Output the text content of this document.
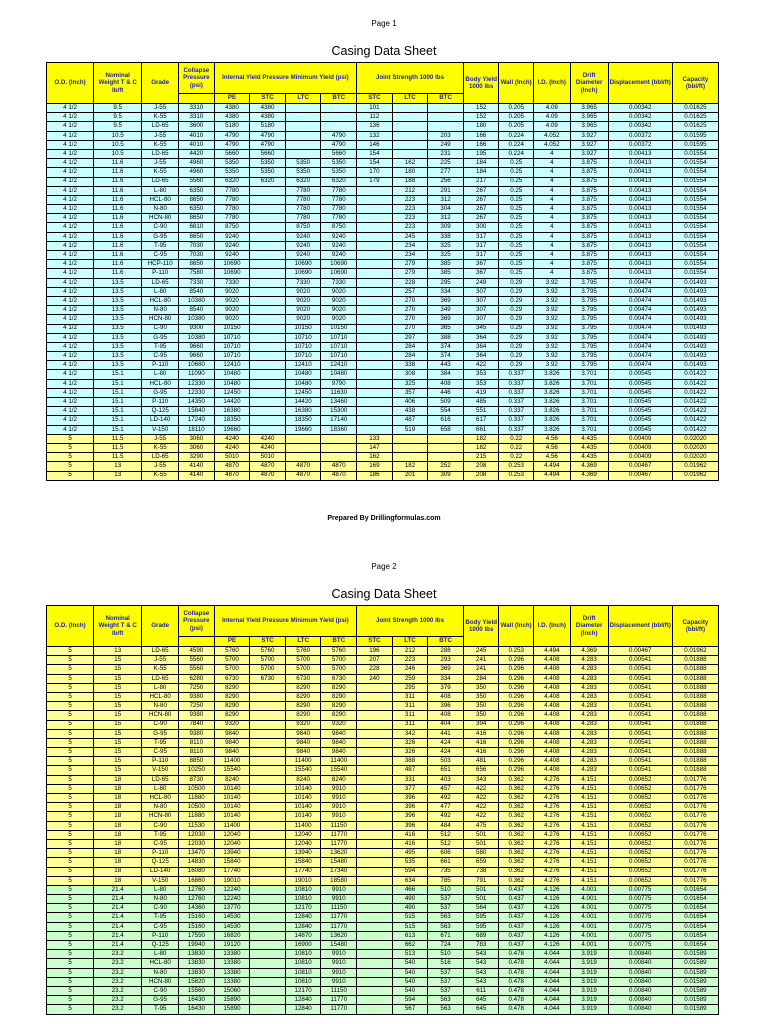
Page 1
Casing Data Sheet
O.D. (Inch)	Nominal Weight T & C lb/ft	Grade	Collapse Pressure (psi)	Internal Yield Pressure Minimum Yield (psi)				Joint Strength 1000 lbs			Body Yield 1000 lbs	Wall (Inch)	I.D. (Inch)	Drift Diameter (Inch)	Displacement (bbl/ft)	Capacity (bbl/ft)
				PE	STC	LTC	BTC	STC	LTC	BTC						
4 1/2	9.5	J-55	3310	4380	4380			101			152	0.205	4.09	3.965	0.00342	0.01625
4 1/2	9.5	K-55	3310	4380	4380			112			152	0.205	4.09	3.965	0.00342	0.01625
4 1/2	9.5	LD-65	3600	5180	5180			136			180	0.205	4.09	3.965	0.00342	0.01625
4 1/2	10.5	J-55	4010	4790	4790		4790	132		203	166	0.224	4.052	3.927	0.00372	0.01595
4 1/2	10.5	K-55	4010	4790	4790		4790	146		249	166	0.224	4.052	3.927	0.00372	0.01595
4 1/2	10.5	LD-65	4420	5660	5660		5660	154		231	195	0.224	4	3.927	0.00413	0.01554
4 1/2	11.6	J-55	4960	5350	5350	5350	5350	154	162	225	184	0.25	4	3.875	0.00413	0.01554
4 1/2	11.6	K-55	4960	5350	5350	5350	5350	170	180	277	184	0.25	4	3.875	0.00413	0.01554
4 1/2	11.6	LD-65	5560	6320	6320	6320	6320	179	188	256	217	0.25	4	3.875	0.00413	0.01554
4 1/2	11.6	L-80	6350	7780		7780	7780		212	291	267	0.25	4	3.875	0.00413	0.01554
4 1/2	11.6	HCL-80	8650	7780		7780	7780		223	312	267	0.25	4	3.875	0.00413	0.01554
4 1/2	11.6	N-80	6350	7780		7780	7780		223	304	267	0.25	4	3.875	0.00413	0.01554
4 1/2	11.6	HCN-80	8650	7780		7780	7780		223	312	267	0.25	4	3.875	0.00413	0.01554
4 1/2	11.6	C-90	6810	8750		8750	8750		223	309	300	0.25	4	3.875	0.00413	0.01554
4 1/2	11.6	G-95	8650	9240		9240	9240		245	338	317	0.25	4	3.875	0.00413	0.01554
4 1/2	11.6	T-95	7030	9240		9240	9240		234	325	317	0.25	4	3.875	0.00413	0.01554
4 1/2	11.6	C-95	7030	9240		9240	9240		234	325	317	0.25	4	3.875	0.00413	0.01554
4 1/2	11.6	HCP-110	8650	10690		10690	10690		279	385	367	0.25	4	3.875	0.00413	0.01554
4 1/2	11.6	P-110	7580	10690		10690	10690		279	385	367	0.25	4	3.875	0.00413	0.01554
4 1/2	13.5	LD-65	7330	7330		7330	7330		228	295	249	0.29	3.92	3.795	0.00474	0.01493
4 1/2	13.5	L-80	8540	9020		9020	9020		257	334	307	0.29	3.92	3.795	0.00474	0.01493
4 1/2	13.5	HCL-80	10380	9020		9020	9020		270	369	307	0.29	3.92	3.795	0.00474	0.01493
4 1/2	13.5	N-80	8540	9020		9020	9020		270	349	307	0.29	3.92	3.795	0.00474	0.01493
4 1/2	13.5	HCN-80	10380	9020		9020	9020		270	369	307	0.29	3.92	3.795	0.00474	0.01493
4 1/2	13.5	C-90	9300	10150		10150	10150		270	365	345	0.29	3.92	3.795	0.00474	0.01493
4 1/2	13.5	G-95	10380	10710		10710	10710		297	388	364	0.29	3.92	3.795	0.00474	0.01493
4 1/2	13.5	T-95	9660	10710		10710	10710		284	374	364	0.29	3.92	3.795	0.00474	0.01493
4 1/2	13.5	C-95	9660	10710		10710	10710		284	374	364	0.29	3.92	3.795	0.00474	0.01493
4 1/2	13.5	P-110	10680	12410		12410	12410		338	443	422	0.29	3.92	3.795	0.00474	0.01493
4 1/2	15.1	L-80	11090	10480		10480	10480		308	384	353	0.337	3.826	3.701	0.00545	0.01422
4 1/2	15.1	HCL-80	12330	10480		10480	9790		325	408	353	0.337	3.826	3.701	0.00545	0.01422
4 1/2	15.1	G-95	12330	12450		12450	11630		357	446	419	0.337	3.826	3.701	0.00545	0.01422
4 1/2	15.1	P-110	14350	14420		14420	13460		406	509	485	0.337	3.826	3.701	0.00545	0.01422
4 1/2	15.1	Q-125	15840	16380		16380	15300		438	554	551	0.337	3.826	3.701	0.00545	0.01422
4 1/2	15.1	LD-140	17240	18350		18350	17140		487	616	617	0.337	3.826	3.701	0.00545	0.01422
4 1/2	15.1	V-150	18110	19660		19660	18360		519	658	661	0.337	3.826	3.701	0.00545	0.01422
5	11.5	J-55	3060	4240	4240			133			182	0.22	4.56	4.435	0.00409	0.02020
5	11.5	K-55	3060	4240	4240			147			182	0.22	4.56	4.435	0.00409	0.02020
5	11.5	LD-65	3290	5010	5010			162			215	0.22	4.56	4.435	0.00409	0.02020
5	13	J-55	4140	4870	4870	4870	4870	169	182	252	208	0.253	4.494	4.369	0.00467	0.01962
5	13	K-55	4140	4870	4870	4870	4870	186	201	309	208	0.253	4.494	4.369	0.00467	0.01962
Prepared By Drillingformulas.com
Page 2
Casing Data Sheet
O.D. (Inch)	Nominal Weight T & C lb/ft	Grade	Collapse Pressure (psi)	Internal Yield Pressure Minimum Yield (psi)				Joint Strength 1000 lbs			Body Yield 1000 lbs	Wall (Inch)	I.D. (Inch)	Drift Diameter (Inch)	Displacement (bbl/ft)	Capacity (bbl/ft)
				PE	STC	LTC	BTC	STC	LTC	BTC						
5	13	LD-65	4590	5760	5760	5760	5760	196	212	288	245	0.253	4.494	4.369	0.00467	0.01962
5	15	J-55	5560	5700	5700	5700	5700	207	223	293	241	0.296	4.408	4.283	0.00541	0.01888
5	15	K-55	5560	5700	5700	5700	5700	228	246	369	241	0.296	4.408	4.283	0.00541	0.01888
5	15	LD-65	6280	6730	6730	6730	6730	240	259	334	284	0.296	4.408	4.283	0.00541	0.01888
5	15	L-80	7250	8290		8290	8290		295	379	350	0.296	4.408	4.283	0.00541	0.01888
5	15	HCL-80	9380	8290		8290	8290		311	408	350	0.296	4.408	4.283	0.00541	0.01888
5	15	N-80	7250	8290		8290	8290		311	396	350	0.296	4.408	4.283	0.00541	0.01888
5	15	HCN-80	9380	8290		8290	8290		311	408	350	0.296	4.408	4.283	0.00541	0.01888
5	15	C-90	7840	9320		9320	9320		311	404	394	0.296	4.408	4.283	0.00541	0.01888
5	15	G-95	9380	9840		9840	9840		342	441	416	0.296	4.408	4.283	0.00541	0.01888
5	15	T-95	8110	9840		9840	9840		326	424	416	0.296	4.408	4.283	0.00541	0.01888
5	15	C-95	8110	9840		9840	9840		326	424	416	0.296	4.408	4.283	0.00541	0.01888
5	15	P-110	8850	11400		11400	11400		388	503	481	0.296	4.408	4.283	0.00541	0.01888
5	15	V-150	10250	15540		15540	15540		487	651	656	0.296	4.408	4.283	0.00541	0.01888
5	18	LD-65	8730	8240		8240	8240		331	403	343	0.362	4.276	4.151	0.00652	0.01776
5	18	L-80	10500	10140		10140	9910		377	457	422	0.362	4.276	4.151	0.00652	0.01776
5	18	HCL-80	11880	10140		10140	9910		396	492	422	0.362	4.276	4.151	0.00652	0.01776
5	18	N-80	10500	10140		10140	9910		396	477	422	0.362	4.276	4.151	0.00652	0.01776
5	18	HCN-80	11880	10140		10140	9910		396	492	422	0.362	4.276	4.151	0.00652	0.01776
5	18	C-90	11530	11400		11400	11150		396	484	475	0.362	4.276	4.151	0.00652	0.01776
5	18	T-95	12030	12040		12040	11770		416	512	501	0.362	4.276	4.151	0.00652	0.01776
5	18	C-95	12030	12040		12040	11770		416	512	501	0.362	4.276	4.151	0.00652	0.01776
5	18	P-110	13470	13940		13940	13620		495	606	580	0.362	4.276	4.151	0.00652	0.01776
5	18	Q-125	14830	15840		15840	15480		535	661	659	0.362	4.276	4.151	0.00652	0.01776
5	18	LD-140	16080	17740		17740	17340		594	735	738	0.362	4.276	4.151	0.00652	0.01776
5	18	V-150	16860	19010		19010	18580		634	785	791	0.362	4.276	4.151	0.00652	0.01776
5	21.4	L-80	12760	12240		10810	9910		466	510	501	0.437	4.126	4.001	0.00775	0.01654
5	21.4	N-80	12760	12240		10810	9910		490	537	501	0.437	4.126	4.001	0.00775	0.01654
5	21.4	C-90	14360	13770		12170	11150		490	537	564	0.437	4.126	4.001	0.00775	0.01654
5	21.4	T-95	15160	14530		12840	11770		515	563	595	0.437	4.126	4.001	0.00775	0.01654
5	21.4	C-95	15160	14530		12840	11770		515	563	595	0.437	4.126	4.001	0.00775	0.01654
5	21.4	P-110	17550	16820		14870	13620		613	671	689	0.437	4.126	4.001	0.00775	0.01654
5	21.4	Q-125	19940	19120		16900	15480		662	724	783	0.437	4.126	4.001	0.00775	0.01654
5	23.2	L-80	13830	13380		10810	9910		513	510	543	0.478	4.044	3.919	0.00840	0.01589
5	23.2	HCL-80	13830	13380		10810	9910		540	516	543	0.478	4.044	3.919	0.00840	0.01589
5	23.2	N-80	13830	13380		10810	9910		540	537	543	0.478	4.044	3.919	0.00840	0.01589
5	23.2	HCN-80	15820	13380		10810	9910		540	537	543	0.478	4.044	3.919	0.00840	0.01589
5	23.2	C-90	15560	15060		12170	11150		540	537	611	0.478	4.044	3.919	0.00840	0.01589
5	23.2	G-95	16430	15890		12840	11770		594	563	645	0.478	4.044	3.919	0.00840	0.01589
5	23.2	T-95	16430	15890		12840	11770		567	563	645	0.478	4.044	3.919	0.00840	0.01589
